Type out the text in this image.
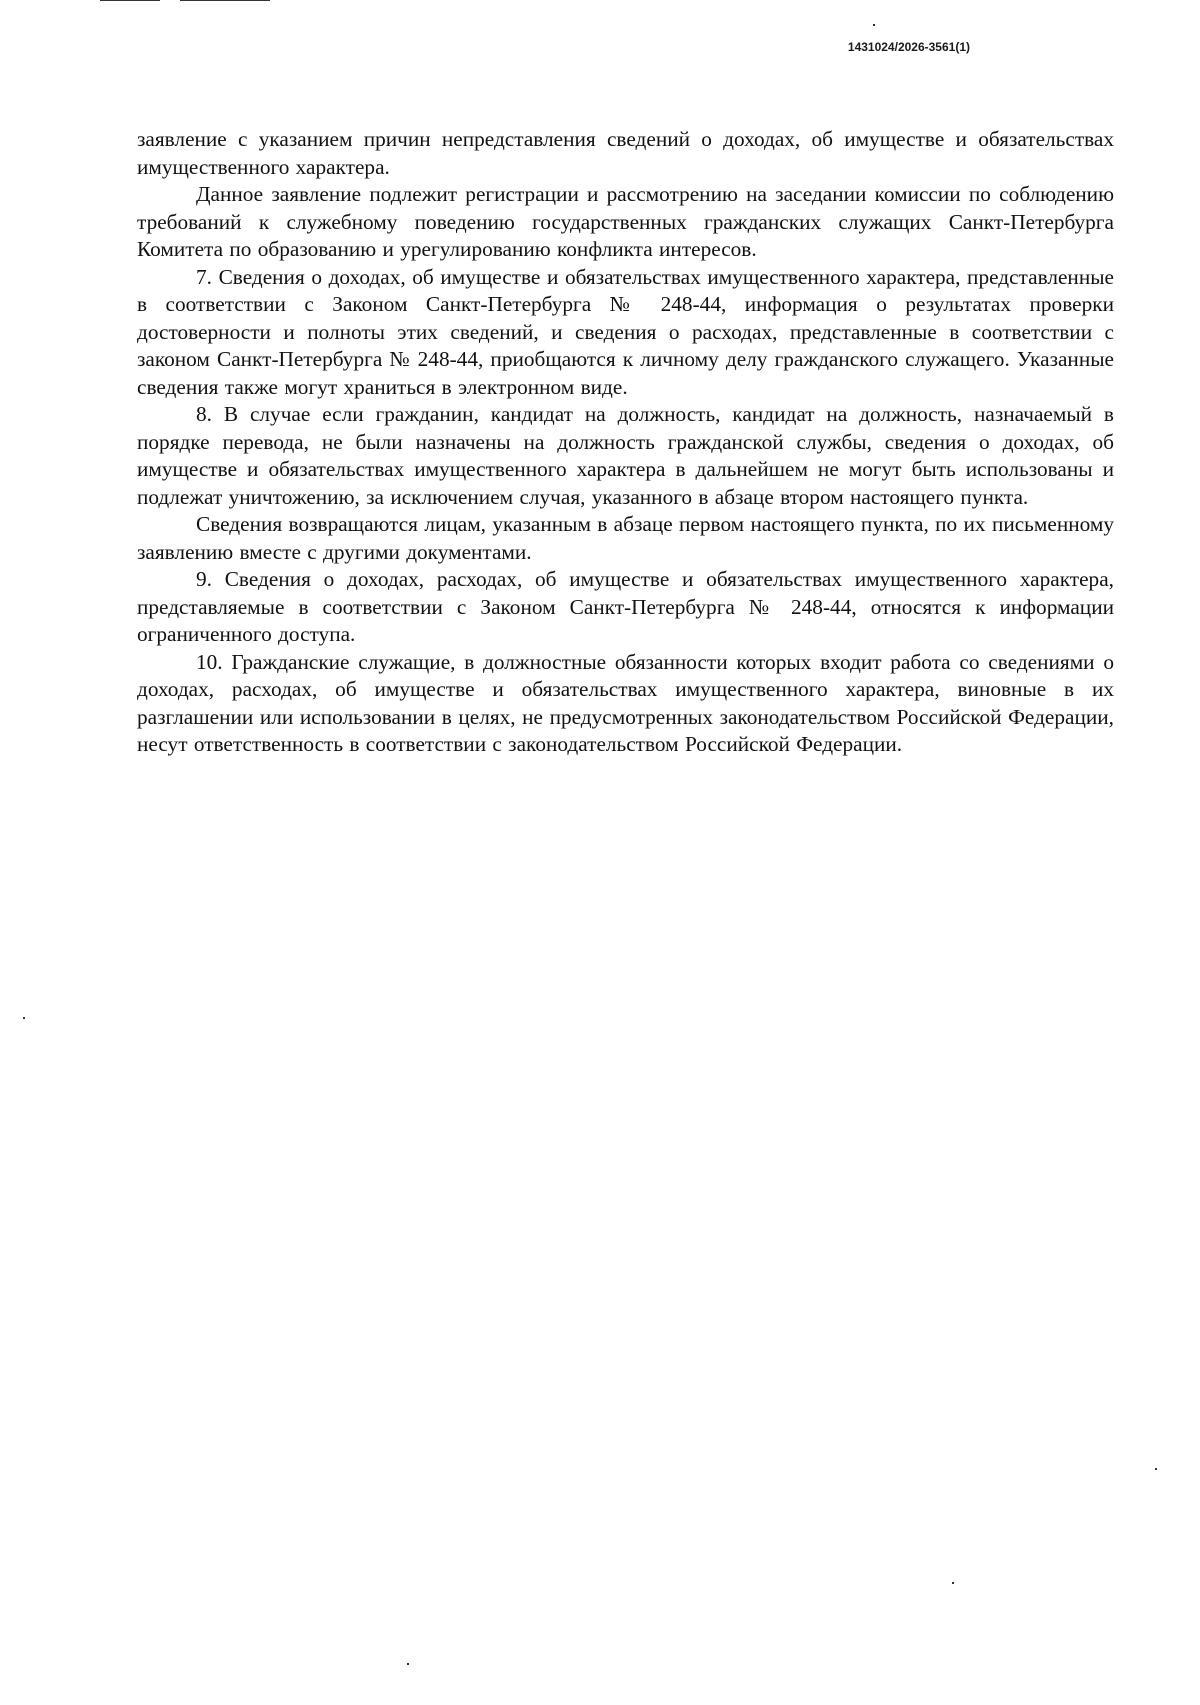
1431024/2026-3561(1)

заявление с указанием причин непредставления сведений о доходах, об имуществе и обязательствах имущественного характера.

Данное заявление подлежит регистрации и рассмотрению на заседании комиссии по соблюдению требований к служебному поведению государственных гражданских служащих Санкт-Петербурга Комитета по образованию и урегулированию конфликта интересов.

7. Сведения о доходах, об имуществе и обязательствах имущественного характера, представленные в соответствии с Законом Санкт-Петербурга № 248-44, информация о результатах проверки достоверности и полноты этих сведений, и сведения о расходах, представленные в соответствии с законом Санкт-Петербурга № 248-44, приобщаются к личному делу гражданского служащего. Указанные сведения также могут храниться в электронном виде.

8. В случае если гражданин, кандидат на должность, кандидат на должность, назначаемый в порядке перевода, не были назначены на должность гражданской службы, сведения о доходах, об имуществе и обязательствах имущественного характера в дальнейшем не могут быть использованы и подлежат уничтожению, за исключением случая, указанного в абзаце втором настоящего пункта.

Сведения возвращаются лицам, указанным в абзаце первом настоящего пункта, по их письменному заявлению вместе с другими документами.

9. Сведения о доходах, расходах, об имуществе и обязательствах имущественного характера, представляемые в соответствии с Законом Санкт-Петербурга № 248-44, относятся к информации ограниченного доступа.

10. Гражданские служащие, в должностные обязанности которых входит работа со сведениями о доходах, расходах, об имуществе и обязательствах имущественного характера, виновные в их разглашении или использовании в целях, не предусмотренных законодательством Российской Федерации, несут ответственность в соответствии с законодательством Российской Федерации.
